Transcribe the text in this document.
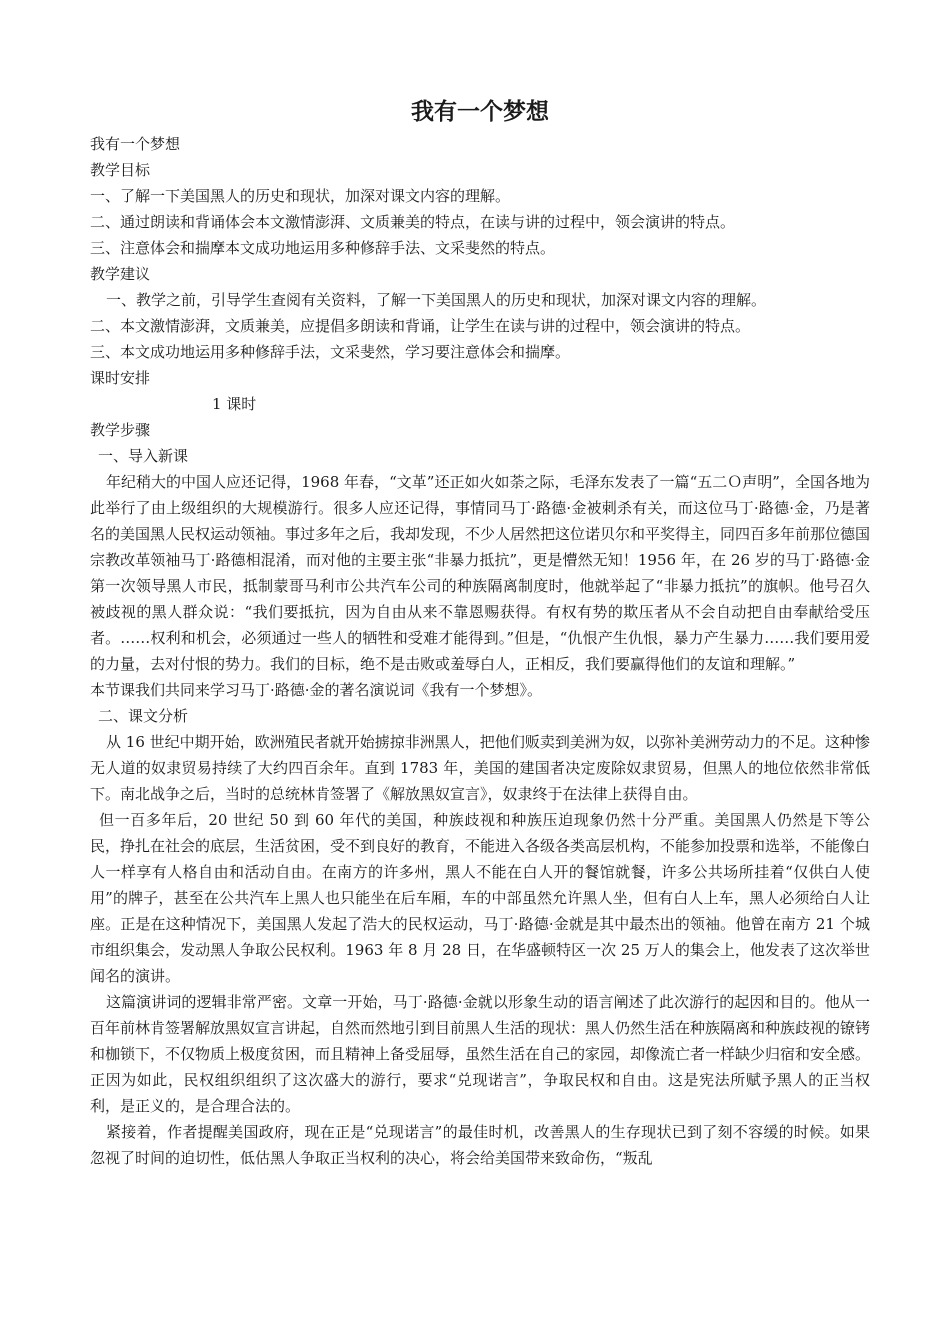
我有一个梦想

我有一个梦想

教学目标

一、了解一下美国黑人的历史和现状，加深对课文内容的理解。

二、通过朗读和背诵体会本文激情澎湃、文质兼美的特点，在读与讲的过程中，领会演讲的特点。

三、注意体会和揣摩本文成功地运用多种修辞手法、文采斐然的特点。

教学建议

一、教学之前，引导学生查阅有关资料，了解一下美国黑人的历史和现状，加深对课文内容的理解。

二、本文激情澎湃，文质兼美，应提倡多朗读和背诵，让学生在读与讲的过程中，领会演讲的特点。

三、本文成功地运用多种修辞手法，文采斐然，学习要注意体会和揣摩。

课时安排

1 课时

教学步骤

一、导入新课

年纪稍大的中国人应还记得，1968 年春，“文革”还正如火如荼之际，毛泽东发表了一篇“五二Ｏ声明”，全国各地为此举行了由上级组织的大规模游行。很多人应还记得，事情同马丁·路德·金被刺杀有关，而这位马丁·路德·金，乃是著名的美国黑人民权运动领袖。事过多年之后，我却发现，不少人居然把这位诺贝尔和平奖得主，同四百多年前那位德国宗教改革领袖马丁·路德相混淆，而对他的主要主张“非暴力抵抗”，更是懵然无知！1956 年，在 26 岁的马丁·路德·金第一次领导黑人市民，抵制蒙哥马利市公共汽车公司的种族隔离制度时，他就举起了“非暴力抵抗”的旗帜。他号召久被歧视的黑人群众说：“我们要抵抗，因为自由从来不靠恩赐获得。有权有势的欺压者从不会自动把自由奉献给受压者。……权利和机会，必须通过一些人的牺牲和受难才能得到。”但是，“仇恨产生仇恨，暴力产生暴力……我们要用爱的力量，去对付恨的势力。我们的目标，绝不是击败或羞辱白人，正相反，我们要赢得他们的友谊和理解。”

本节课我们共同来学习马丁·路德·金的著名演说词《我有一个梦想》。

二、课文分析

从 16 世纪中期开始，欧洲殖民者就开始掳掠非洲黑人，把他们贩卖到美洲为奴，以弥补美洲劳动力的不足。这种惨无人道的奴隶贸易持续了大约四百余年。直到 1783 年，美国的建国者决定废除奴隶贸易，但黑人的地位依然非常低下。南北战争之后，当时的总统林肯签署了《解放黑奴宣言》，奴隶终于在法律上获得自由。

但一百多年后，20 世纪 50 到 60 年代的美国，种族歧视和种族压迫现象仍然十分严重。美国黑人仍然是下等公民，挣扎在社会的底层，生活贫困，受不到良好的教育，不能进入各级各类高层机构，不能参加投票和选举，不能像白人一样享有人格自由和活动自由。在南方的许多州，黑人不能在白人开的餐馆就餐，许多公共场所挂着“仅供白人使用”的牌子，甚至在公共汽车上黑人也只能坐在后车厢，车的中部虽然允许黑人坐，但有白人上车，黑人必须给白人让座。正是在这种情况下，美国黑人发起了浩大的民权运动，马丁·路德·金就是其中最杰出的领袖。他曾在南方 21 个城市组织集会，发动黑人争取公民权利。1963 年 8 月 28 日，在华盛顿特区一次 25 万人的集会上，他发表了这次举世闻名的演讲。

这篇演讲词的逻辑非常严密。文章一开始，马丁·路德·金就以形象生动的语言阐述了此次游行的起因和目的。他从一百年前林肯签署解放黑奴宣言讲起，自然而然地引到目前黑人生活的现状：黑人仍然生活在种族隔离和种族歧视的镣铐和枷锁下，不仅物质上极度贫困，而且精神上备受屈辱，虽然生活在自己的家园，却像流亡者一样缺少归宿和安全感。正因为如此，民权组织组织了这次盛大的游行，要求“兑现诺言”，争取民权和自由。这是宪法所赋予黑人的正当权利，是正义的，是合理合法的。

紧接着，作者提醒美国政府，现在正是“兑现诺言”的最佳时机，改善黑人的生存现状已到了刻不容缓的时候。如果忽视了时间的迫切性，低估黑人争取正当权利的决心，将会给美国带来致命伤，“叛乱
